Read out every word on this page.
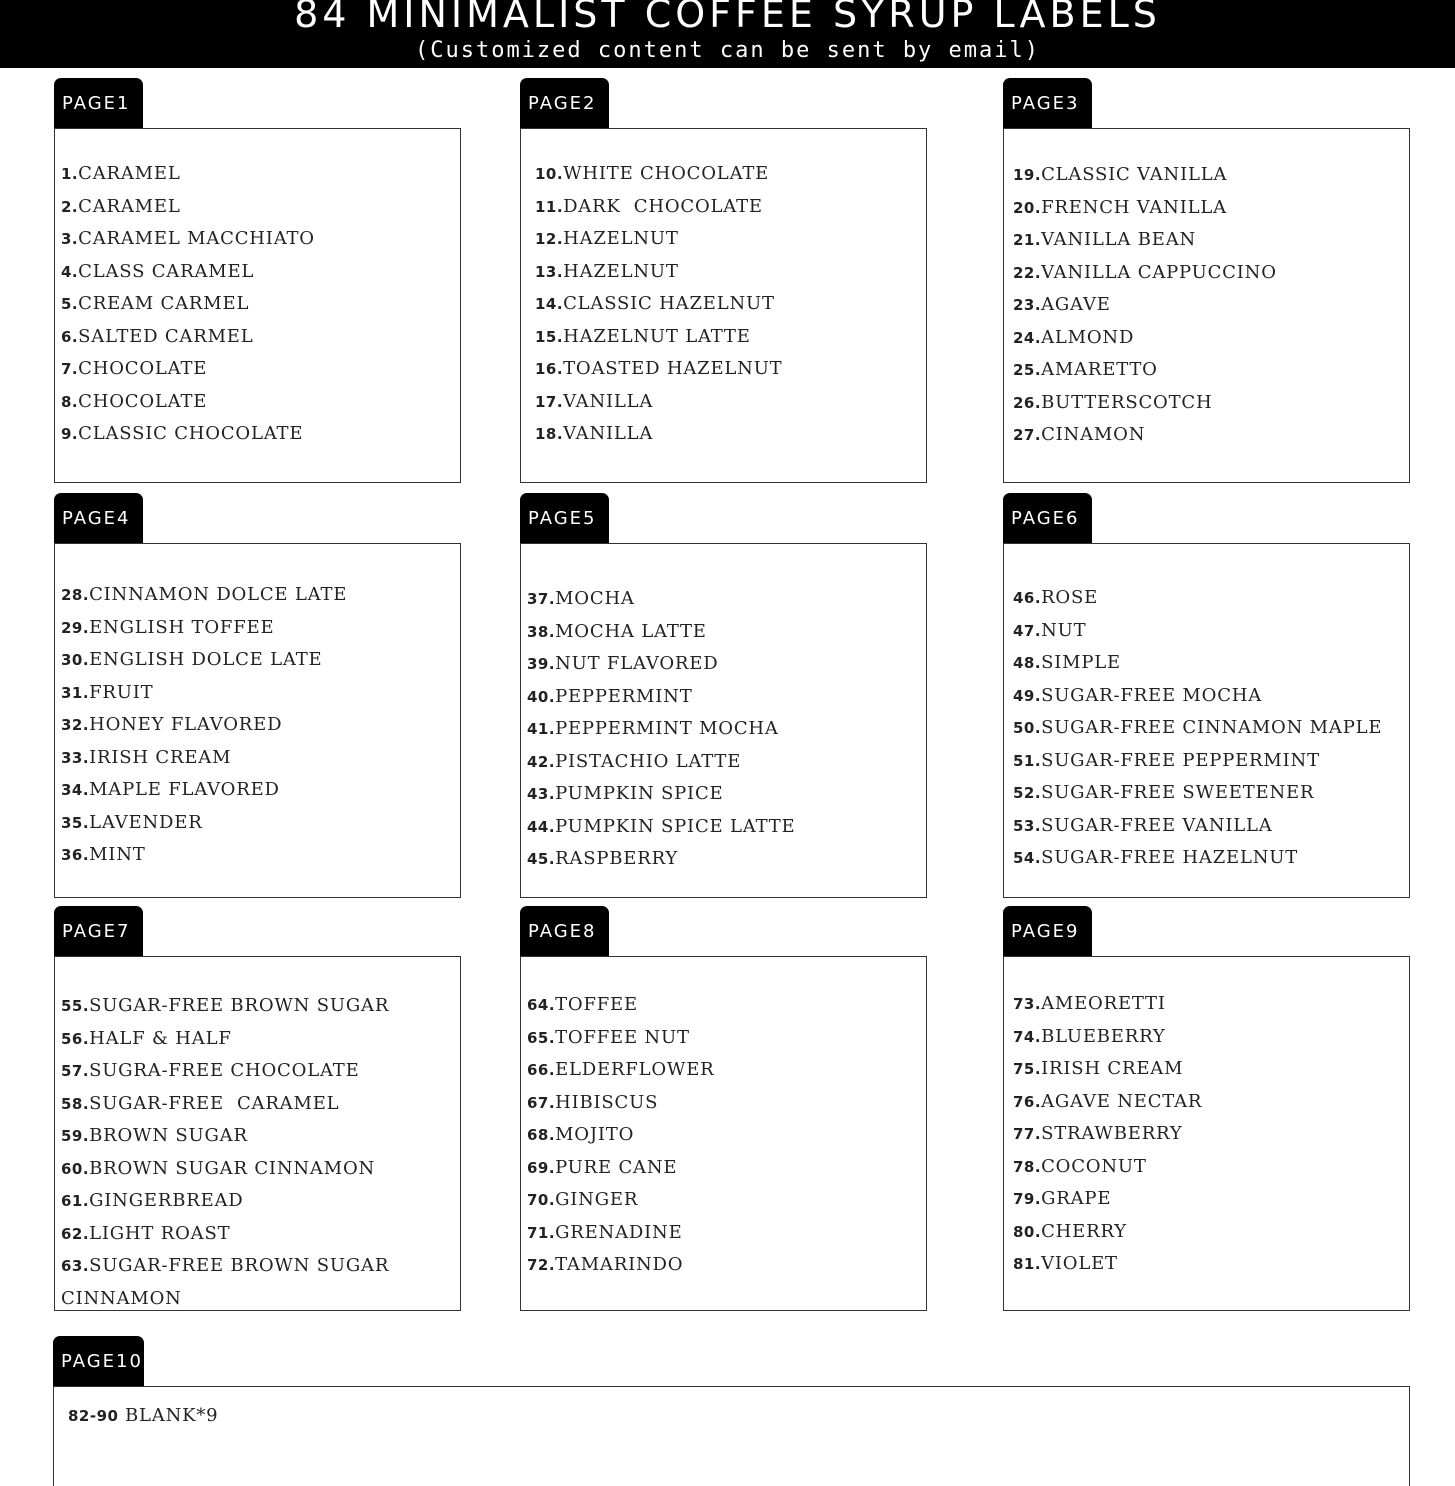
84 MINIMALIST COFFEE SYRUP LABELS
(Customized content can be sent by email)
PAGE1
1.CARAMEL
2.CARAMEL
3.CARAMEL MACCHIATO
4.CLASS CARAMEL
5.CREAM CARMEL
6.SALTED CARMEL
7.CHOCOLATE
8.CHOCOLATE
9.CLASSIC CHOCOLATE
PAGE2
10.WHITE CHOCOLATE
11.DARK  CHOCOLATE
12.HAZELNUT
13.HAZELNUT
14.CLASSIC HAZELNUT
15.HAZELNUT LATTE
16.TOASTED HAZELNUT
17.VANILLA
18.VANILLA
PAGE3
19.CLASSIC VANILLA
20.FRENCH VANILLA
21.VANILLA BEAN
22.VANILLA CAPPUCCINO
23.AGAVE
24.ALMOND
25.AMARETTO
26.BUTTERSCOTCH
27.CINAMON
PAGE4
28.CINNAMON DOLCE LATE
29.ENGLISH TOFFEE
30.ENGLISH DOLCE LATE
31.FRUIT
32.HONEY FLAVORED
33.IRISH CREAM
34.MAPLE FLAVORED
35.LAVENDER
36.MINT
PAGE5
37.MOCHA
38.MOCHA LATTE
39.NUT FLAVORED
40.PEPPERMINT
41.PEPPERMINT MOCHA
42.PISTACHIO LATTE
43.PUMPKIN SPICE
44.PUMPKIN SPICE LATTE
45.RASPBERRY
PAGE6
46.ROSE
47.NUT
48.SIMPLE
49.SUGAR-FREE MOCHA
50.SUGAR-FREE CINNAMON MAPLE
51.SUGAR-FREE PEPPERMINT
52.SUGAR-FREE SWEETENER
53.SUGAR-FREE VANILLA
54.SUGAR-FREE HAZELNUT
PAGE7
55.SUGAR-FREE BROWN SUGAR
56.HALF & HALF
57.SUGRA-FREE CHOCOLATE
58.SUGAR-FREE  CARAMEL
59.BROWN SUGAR
60.BROWN SUGAR CINNAMON
61.GINGERBREAD
62.LIGHT ROAST
63.SUGAR-FREE BROWN SUGAR
CINNAMON
PAGE8
64.TOFFEE
65.TOFFEE NUT
66.ELDERFLOWER
67.HIBISCUS
68.MOJITO
69.PURE CANE
70.GINGER
71.GRENADINE
72.TAMARINDO
PAGE9
73.AMEORETTI
74.BLUEBERRY
75.IRISH CREAM
76.AGAVE NECTAR
77.STRAWBERRY
78.COCONUT
79.GRAPE
80.CHERRY
81.VIOLET
PAGE10
82-90 BLANK*9
